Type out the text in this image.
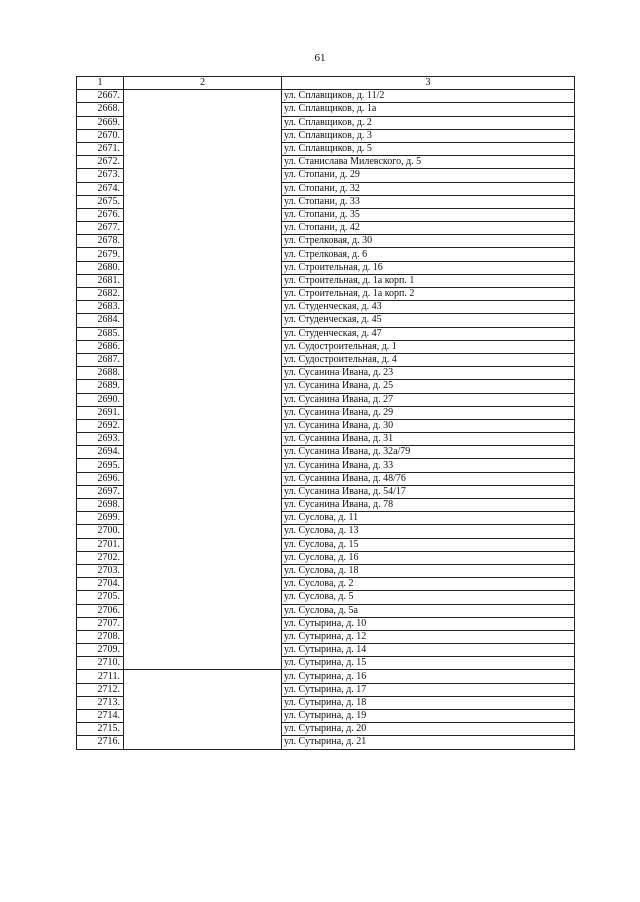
61
1	2	3
2667.		ул. Сплавщиков, д. 11/2
2668.		ул. Сплавщиков, д. 1а
2669.		ул. Сплавщиков, д. 2
2670.		ул. Сплавщиков, д. 3
2671.		ул. Сплавщиков, д. 5
2672.		ул. Станислава Милевского, д. 5
2673.		ул. Стопани, д. 29
2674.		ул. Стопани, д. 32
2675.		ул. Стопани, д. 33
2676.		ул. Стопани, д. 35
2677.		ул. Стопани, д. 42
2678.		ул. Стрелковая, д. 30
2679.		ул. Стрелковая, д. 6
2680.		ул. Строительная, д. 16
2681.		ул. Строительная, д. 1а корп. 1
2682.		ул. Строительная, д. 1а корп. 2
2683.		ул. Студенческая, д. 43
2684.		ул. Студенческая, д. 45
2685.		ул. Студенческая, д. 47
2686.		ул. Судостроительная, д. 1
2687.		ул. Судостроительная, д. 4
2688.		ул. Сусанина Ивана, д. 23
2689.		ул. Сусанина Ивана, д. 25
2690.		ул. Сусанина Ивана, д. 27
2691.		ул. Сусанина Ивана, д. 29
2692.		ул. Сусанина Ивана, д. 30
2693.		ул. Сусанина Ивана, д. 31
2694.		ул. Сусанина Ивана, д. 32а/79
2695.		ул. Сусанина Ивана, д. 33
2696.		ул. Сусанина Ивана, д. 48/76
2697.		ул. Сусанина Ивана, д. 54/17
2698.		ул. Сусанина Ивана, д. 78
2699.		ул. Суслова, д. 11
2700.		ул. Суслова, д. 13
2701.		ул. Суслова, д. 15
2702.		ул. Суслова, д. 16
2703.		ул. Суслова, д. 18
2704.		ул. Суслова, д. 2
2705.		ул. Суслова, д. 5
2706.		ул. Суслова, д. 5а
2707.		ул. Сутырина, д. 10
2708.		ул. Сутырина, д. 12
2709.		ул. Сутырина, д. 14
2710.		ул. Сутырина, д. 15
2711.		ул. Сутырина, д. 16
2712.		ул. Сутырина, д. 17
2713.		ул. Сутырина, д. 18
2714.		ул. Сутырина, д. 19
2715.		ул. Сутырина, д. 20
2716.		ул. Сутырина, д. 21
